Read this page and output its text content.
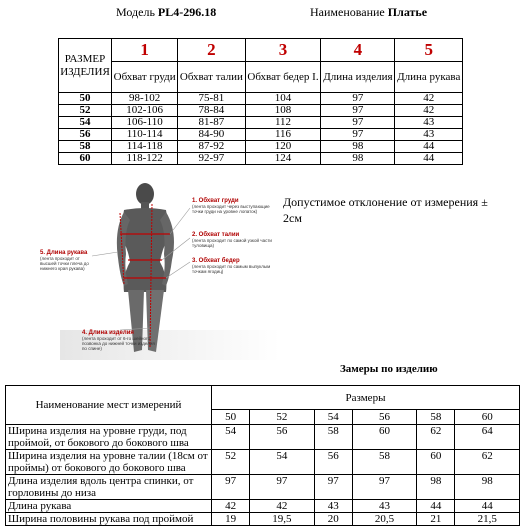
Модель PL4-296.18	Наименование Платье
РАЗМЕР ИЗДЕЛИЯ	1	2	3	4	5
	Обхват груди	Обхват талии	Обхват бедер I.	Длина изделия	Длина рукава
50	98-102	75-81	104	97	42
52	102-106	78-84	108	97	42
54	106-110	81-87	112	97	43
56	110-114	84-90	116	97	43
58	114-118	87-92	120	98	44
60	118-122	92-97	124	98	44
1. Обхват груди
(лента проходит через выступающие точки груди на уровне лопаток)
2. Обхват талии
(лента проходит по самой узкой части туловища)
3. Обхват бедер
(лента проходит по самым выпуклым точкам ягодиц)
5. Длина рукава
(лента проходит от высшей точки плеча до нижнего края рукава)
4. Длина изделия
(лента проходит от 6-го шейного позвонка до нижней точки изделия по спине)
Допустимое отклонение от измерения ± 2см
Замеры по изделию
Наименование мест измерений	Размеры					
	50	52	54	56	58	60
Ширина изделия на уровне груди, под проймой, от бокового до бокового шва	54	56	58	60	62	64
Ширина изделия на уровне талии (18см от проймы) от бокового до бокового шва	52	54	56	58	60	62
Длина изделия вдоль центра спинки, от горловины до низа	97	97	97	97	98	98
Длина рукава	42	42	43	43	44	44
Ширина половины рукава под проймой	19	19,5	20	20,5	21	21,5
